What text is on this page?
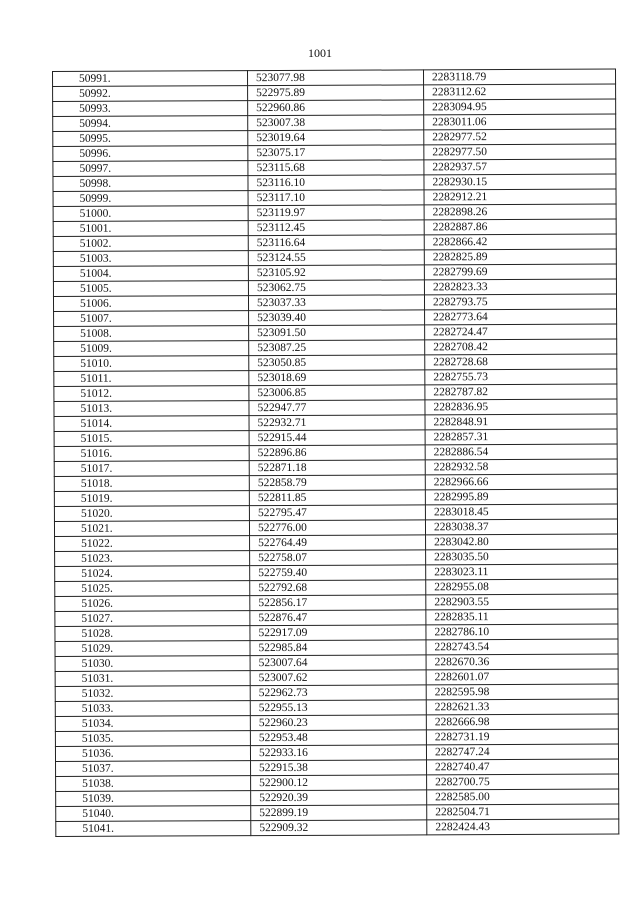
1001
50991.	523077.98	2283118.79
50992.	522975.89	2283112.62
50993.	522960.86	2283094.95
50994.	523007.38	2283011.06
50995.	523019.64	2282977.52
50996.	523075.17	2282977.50
50997.	523115.68	2282937.57
50998.	523116.10	2282930.15
50999.	523117.10	2282912.21
51000.	523119.97	2282898.26
51001.	523112.45	2282887.86
51002.	523116.64	2282866.42
51003.	523124.55	2282825.89
51004.	523105.92	2282799.69
51005.	523062.75	2282823.33
51006.	523037.33	2282793.75
51007.	523039.40	2282773.64
51008.	523091.50	2282724.47
51009.	523087.25	2282708.42
51010.	523050.85	2282728.68
51011.	523018.69	2282755.73
51012.	523006.85	2282787.82
51013.	522947.77	2282836.95
51014.	522932.71	2282848.91
51015.	522915.44	2282857.31
51016.	522896.86	2282886.54
51017.	522871.18	2282932.58
51018.	522858.79	2282966.66
51019.	522811.85	2282995.89
51020.	522795.47	2283018.45
51021.	522776.00	2283038.37
51022.	522764.49	2283042.80
51023.	522758.07	2283035.50
51024.	522759.40	2283023.11
51025.	522792.68	2282955.08
51026.	522856.17	2282903.55
51027.	522876.47	2282835.11
51028.	522917.09	2282786.10
51029.	522985.84	2282743.54
51030.	523007.64	2282670.36
51031.	523007.62	2282601.07
51032.	522962.73	2282595.98
51033.	522955.13	2282621.33
51034.	522960.23	2282666.98
51035.	522953.48	2282731.19
51036.	522933.16	2282747.24
51037.	522915.38	2282740.47
51038.	522900.12	2282700.75
51039.	522920.39	2282585.00
51040.	522899.19	2282504.71
51041.	522909.32	2282424.43
